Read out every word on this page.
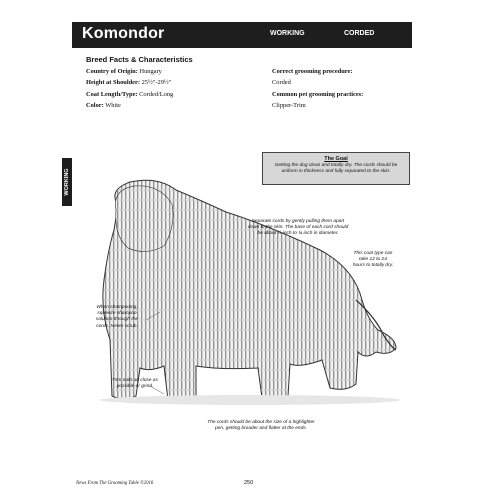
Komondor	WORKING	CORDED
WORKING
Breed Facts & Characteristics
Country of Origin: Hungary
Height at Shoulder: 25½"-29½"
Coat Length/Type: Corded/Long
Color: White
Correct grooming procedure:
Corded
Common pet grooming practices:
Clipper-Trim
The Goal
Getting the dog clean and totally dry. The cords should be uniform in thickness and fully separated to the skin.
Separate cords by gently pulling them apart
down to the skin. The base of each cord should
be about ½ inch to ¾ inch in diameter.
This coat type can
take 12 to 24
hours to totally dry.
When shampooing,
squeeze shampoo
solution through the
cords. Never scrub.
Trim nails as close as
possible or grind.
The cords should be about the size of a highlighter
pen, getting broader and flatter at the ends.
News From The Grooming Table ©2016	250
